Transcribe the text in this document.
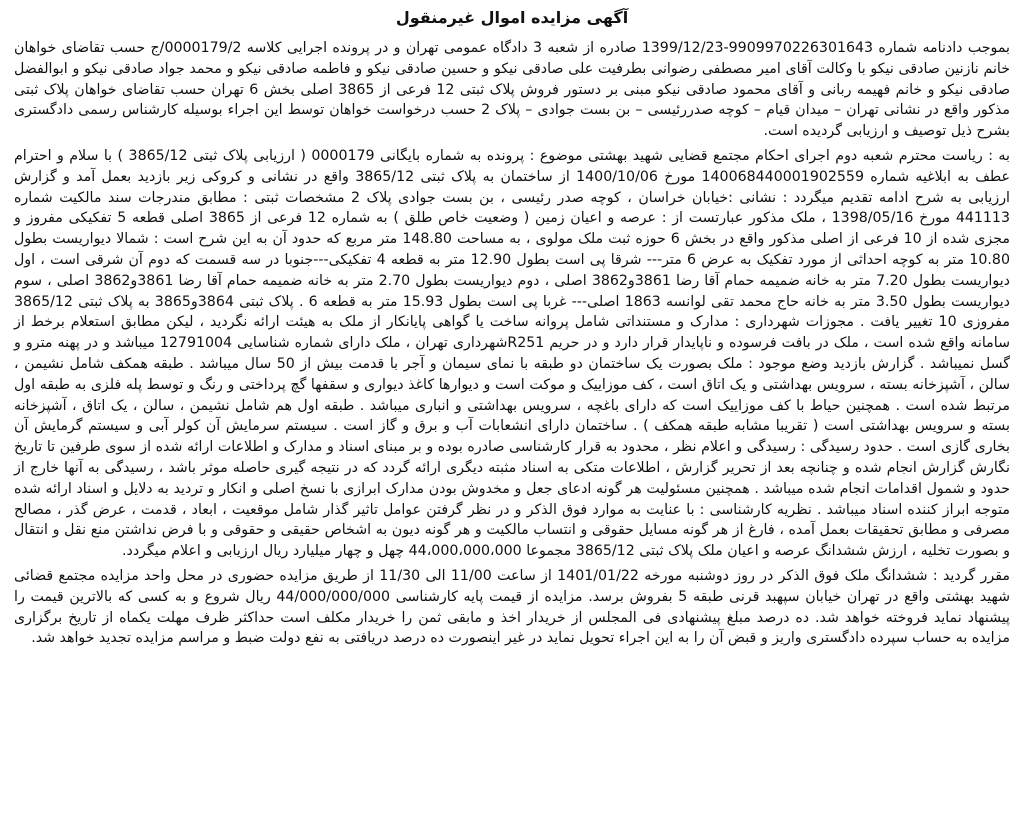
آگهی مزایده اموال غیرمنقول

بموجب دادنامه شماره 9909970226301643-1399/12/23 صادره از شعبه 3 دادگاه عمومی تهران و در پرونده اجرایی کلاسه 0000179/2/ج حسب تقاضای خواهان خانم نازنین صادقی نیکو با وکالت آقای امیر مصطفی رضوانی بطرفیت علی صادقی نیکو و حسین صادقی نیکو و فاطمه صادقی نیکو و محمد جواد صادقی نیکو و ابوالفضل صادقی نیکو و خانم فهیمه ربانی و آقای محمود صادقی نیکو مبنی بر دستور فروش پلاک ثبتی 12 فرعی از 3865 اصلی بخش 6 تهران حسب تقاضای خواهان پلاک ثبتی مذکور واقع در نشانی تهران – میدان قیام – کوچه صدررئیسی – بن بست جوادی – پلاک 2 حسب درخواست خواهان توسط این اجراء بوسیله کارشناس رسمی دادگستری بشرح ذیل توصیف و ارزیابی گردیده است.

به : ریاست محترم شعبه دوم اجرای احکام مجتمع قضایی شهید بهشتی موضوع : پرونده به شماره بایگانی 0000179 ( ارزیابی پلاک ثبتی 3865/12 ) با سلام و احترام عطف به ابلاغیه شماره 140068440001902559 مورخ 1400/10/06 از ساختمان به پلاک ثبتی 3865/12 واقع در نشانی و کروکی زیر بازدید بعمل آمد و گزارش ارزیابی به شرح ادامه تقدیم میگردد : نشانی :خیابان خراسان ، کوچه صدر رئیسی ، بن بست جوادی پلاک 2 مشخصات ثبتی : مطابق مندرجات سند مالکیت شماره 441113 مورخ 1398/05/16 ، ملک مذکور عبارتست از : عرصه و اعیان زمین ( وضعیت خاص طلق ) به شماره 12 فرعی از 3865 اصلی قطعه 5 تفکیکی مفروز و مجزی شده از 10 فرعی از اصلی مذکور واقع در بخش 6 حوزه ثبت ملک مولوی ، به مساحت 148.80 متر مربع که حدود آن به این شرح است : شمالا دیواریست بطول 10.80 متر به کوچه احداثی از مورد تفکیک به عرض 6 متر--- شرقا پی است بطول 12.90 متر به قطعه 4 تفکیکی---جنوبا در سه قسمت که دوم آن شرقی است ، اول دیواریست بطول 7.20 متر به خانه ضمیمه حمام آقا رضا 3861و3862 اصلی ، دوم دیواریست بطول 2.70 متر به خانه ضمیمه حمام آقا رضا 3861و3862 اصلی ، سوم دیواریست بطول 3.50 متر به خانه حاج محمد تقی لوانسه 1863 اصلی--- غربا پی است بطول 15.93 متر به قطعه 6 . پلاک ثبتی 3864و3865 به پلاک ثبتی 3865/12 مفروزی 10 تغییر یافت . مجوزات شهرداری : مدارک و مستنداتی شامل پروانه ساخت یا گواهی پایانکار از ملک به هیئت ارائه نگردید ، لیکن مطابق استعلام برخط از سامانه واقع شده است ، ملک در بافت فرسوده و ناپایدار قرار دارد و در حریم R251شهرداری تهران ، ملک دارای شماره شناسایی 12791004 میباشد و در پهنه مترو و گسل نمیباشد . گزارش بازدید وضع موجود : ملک بصورت یک ساختمان دو طبقه با نمای سیمان و آجر با قدمت بیش از 50 سال میباشد . طبقه همکف شامل نشیمن ، سالن ، آشپزخانه بسته ، سرویس بهداشتی و یک اتاق است ، کف موزاییک و موکت است و دیوارها کاغذ دیواری و سقفها گچ پرداختی و رنگ و توسط پله فلزی به طبقه اول مرتبط شده است . همچنین حیاط با کف موزاییک است که دارای باغچه ، سرویس بهداشتی و انباری میباشد . طبقه اول هم شامل نشیمن ، سالن ، یک اتاق ، آشپزخانه بسته و سرویس بهداشتی است ( تقریبا مشابه طبقه همکف ) . ساختمان دارای انشعابات آب و برق و گاز است . سیستم سرمایش آن کولر آبی و سیستم گرمایش آن بخاری گازی است . حدود رسیدگی : رسیدگی و اعلام نظر ، محدود به قرار کارشناسی صادره بوده و بر مبنای اسناد و مدارک و اطلاعات ارائه شده از سوی طرفین تا تاریخ نگارش گزارش انجام شده و چنانچه بعد از تحریر گزارش ، اطلاعات متکی به اسناد مثبته دیگری ارائه گردد که در نتیجه گیری حاصله موثر باشد ، رسیدگی به آنها خارج از حدود و شمول اقدامات انجام شده میباشد . همچنین مسئولیت هر گونه ادعای جعل و مخدوش بودن مدارک ابرازی با نسخ اصلی و انکار و تردید به دلایل و اسناد ارائه شده متوجه ابراز کننده اسناد میباشد . نظریه کارشناسی : با عنایت به موارد فوق الذکر و در نظر گرفتن عوامل تاثیر گذار شامل موقعیت ، ابعاد ، قدمت ، عرض گذر ، مصالح مصرفی و مطابق تحقیقات بعمل آمده ، فارغ از هر گونه مسایل حقوقی و انتساب مالکیت و هر گونه دیون به اشخاص حقیقی و حقوقی و با فرض نداشتن منع نقل و انتقال و بصورت تخلیه ، ارزش ششدانگ عرصه و اعیان ملک پلاک ثبتی 3865/12 مجموعا 44،000،000،000 چهل و چهار میلیارد ریال ارزیابی و اعلام میگردد.

مقرر گردید : ششدانگ ملک فوق الذکر در روز دوشنبه مورخه 1401/01/22 از ساعت 11/00 الی 11/30 از طریق مزایده حضوری در محل واحد مزایده مجتمع قضائی شهید بهشتی واقع در تهران خیابان سپهبد قرنی طبقه 5 بفروش برسد. مزایده از قیمت پایه کارشناسی 44/000/000/000 ریال شروع و به کسی که بالاترین قیمت را پیشنهاد نماید فروخته خواهد شد. ده درصد مبلغ پیشنهادی فی المجلس از خریدار اخذ و مابقی ثمن را خریدار مکلف است حداکثر ظرف مهلت یکماه از تاریخ برگزاری مزایده به حساب سپرده دادگستری واریز و قبض آن را به این اجراء تحویل نماید در غیر اینصورت ده درصد دریافتی به نفع دولت ضبط و مراسم مزایده تجدید خواهد شد.
